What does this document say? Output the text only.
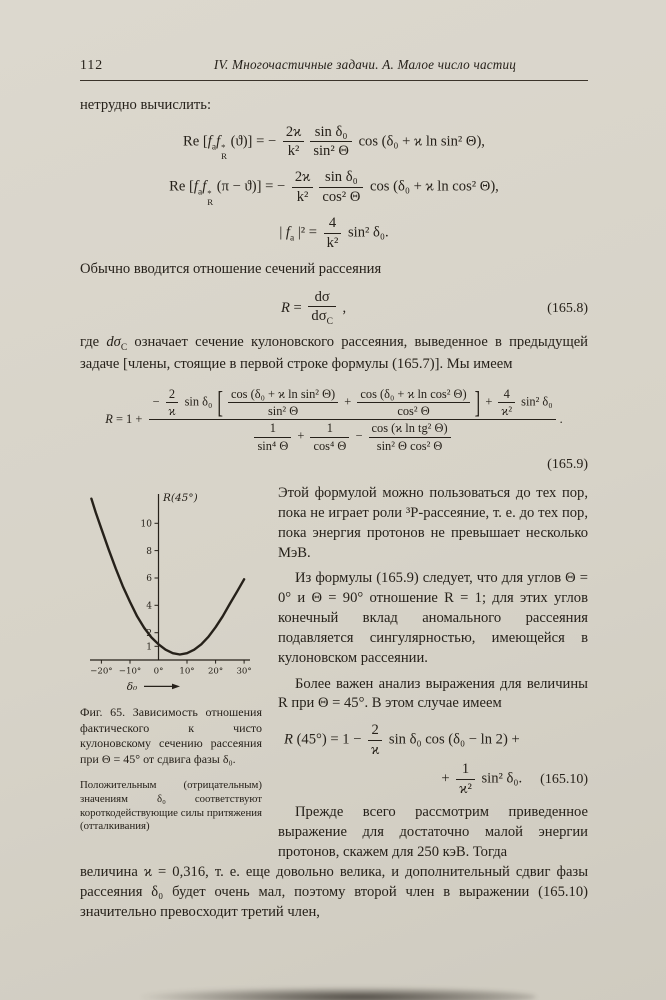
112	IV. Многочастичные задачи. А. Малое число частиц

нетрудно вычислить:

Re [$f_af$ *
R
(ϑ)] = − $\frac{2ϰ}{\text{k²}} \frac{\text{sin δ₀}}{\text{sin² Θ}}$ cos (δ₀ + ϰ ln sin² Θ),
Re [$f_af$ *
R
(π − ϑ)] = − $\frac{2ϰ}{\text{k²}} \frac{\text{sin δ₀}}{\text{cos² Θ}}$ cos (δ₀ + ϰ ln cos² Θ),
| $f_a$ $|^2 = \frac{4}{\text{k²}} \sin^2$ δ₀.

Обычно вводится отношение сечений рассеяния

$R = \frac{d\sigma}{d\sigma_C}$ ,	(165.8)

где $d\sigma_C$ означает сечение кулоновского рассеяния, выведенное в предыдущей задаче [члены, стоящие в первой строке формулы (165.7)]. Мы имеем

R = 1 +
− $\frac{2}{ϰ}$ sin δ₀ [ $\frac{\text{cos (δ₀ + ϰ ln sin² Θ)}}{\text{sin² Θ}} + \frac{\text{cos (δ₀ + ϰ ln cos² Θ)}}{\text{cos² Θ}}$ ] + $\frac{4}{\text{ϰ²}} \sin^2$ δ₀
$\frac{1}{\text{sin⁴ Θ}} + \frac{1}{\text{cos⁴ Θ}} - \frac{\text{cos (ϰ ln tg² Θ)}}{\text{sin² Θ cos² Θ}}$
.
(165.9)
10
8
6
4
2
1
−20° −10° 0° 10° 20° 30°
R(45°)
δ₀

Фиг. 65. Зависимость отношения фактического к чисто кулоновскому сечению рассеяния при Θ = 45° от сдвига фазы δ₀.

Положительным (отрицательным) значениям δ₀ соответствуют короткодействующие силы притяжения (отталкивания)

Этой формулой можно пользоваться до тех пор, пока не играет роли ³P-рассеяние, т. е. до тех пор, пока энергия протонов не превышает несколько МэВ.

Из формулы (165.9) следует, что для углов Θ = 0° и Θ = 90° отношение R = 1; для этих углов конечный вклад аномального рассеяния подавляется сингулярностью, имеющейся в кулоновском рассеянии.

Более важен анализ выражения для величины R при Θ = 45°. В этом случае имеем

R $(45^\circ) = 1 - \frac{2}{ϰ}$ sin δ₀ cos (δ₀ − ln 2) +
+ $\frac{1}{\text{ϰ²}} \sin^2$ δ₀. (165.10)

Прежде всего рассмотрим приведенное выражение для достаточно малой энергии протонов, скажем для 250 кэВ. Тогда

величина ϰ = 0,316, т. е. еще довольно велика, и дополнительный сдвиг фазы рассеяния δ₀ будет очень мал, поэтому второй член в выражении (165.10) значительно превосходит третий член,
